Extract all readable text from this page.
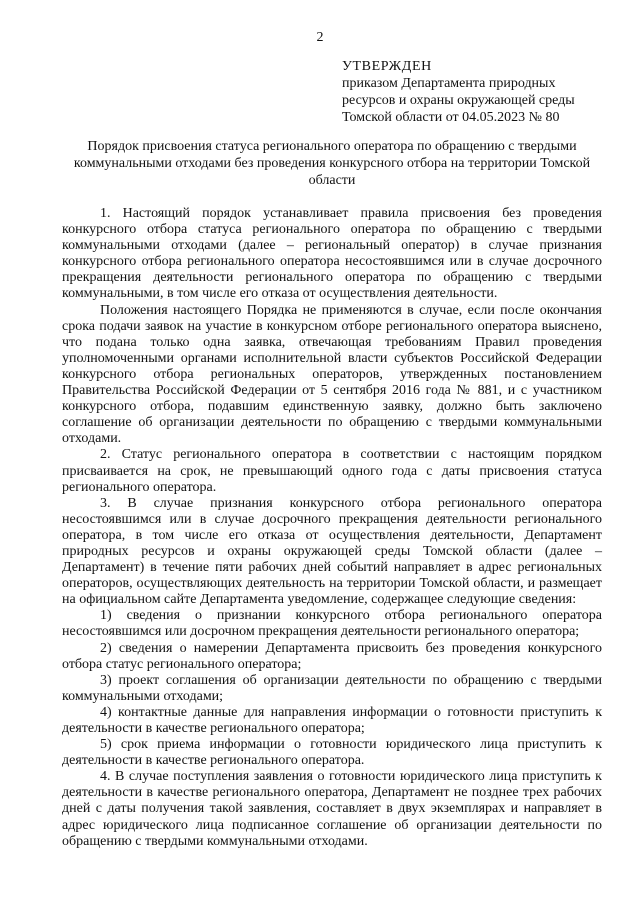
2
УТВЕРЖДЕН
приказом Департамента природных
ресурсов и охраны окружающей среды
Томской области от 04.05.2023 № 80
Порядок присвоения статуса регионального оператора по обращению с твердыми коммунальными отходами без проведения конкурсного отбора на территории Томской области

1. Настоящий порядок устанавливает правила присвоения без проведения конкурсного отбора статуса регионального оператора по обращению с твердыми коммунальными отходами (далее – региональный оператор) в случае признания конкурсного отбора регионального оператора несостоявшимся или в случае досрочного прекращения деятельности регионального оператора по обращению с твердыми коммунальными, в том числе его отказа от осуществления деятельности.

Положения настоящего Порядка не применяются в случае, если после окончания срока подачи заявок на участие в конкурсном отборе регионального оператора выяснено, что подана только одна заявка, отвечающая требованиям Правил проведения уполномоченными органами исполнительной власти субъектов Российской Федерации конкурсного отбора региональных операторов, утвержденных постановлением Правительства Российской Федерации от 5 сентября 2016 года № 881, и с участником конкурсного отбора, подавшим единственную заявку, должно быть заключено соглашение об организации деятельности по обращению с твердыми коммунальными отходами.

2. Статус регионального оператора в соответствии с настоящим порядком присваивается на срок, не превышающий одного года с даты присвоения статуса регионального оператора.

3. В случае признания конкурсного отбора регионального оператора несостоявшимся или в случае досрочного прекращения деятельности регионального оператора, в том числе его отказа от осуществления деятельности, Департамент природных ресурсов и охраны окружающей среды Томской области (далее – Департамент) в течение пяти рабочих дней событий направляет в адрес региональных операторов, осуществляющих деятельность на территории Томской области, и размещает на официальном сайте Департамента уведомление, содержащее следующие сведения:

1) сведения о признании конкурсного отбора регионального оператора несостоявшимся или досрочном прекращения деятельности регионального оператора;

2) сведения о намерении Департамента присвоить без проведения конкурсного отбора статус регионального оператора;

3) проект соглашения об организации деятельности по обращению с твердыми коммунальными отходами;

4) контактные данные для направления информации о готовности приступить к деятельности в качестве регионального оператора;

5) срок приема информации о готовности юридического лица приступить к деятельности в качестве регионального оператора.

4. В случае поступления заявления о готовности юридического лица приступить к деятельности в качестве регионального оператора, Департамент не позднее трех рабочих дней с даты получения такой заявления, составляет в двух экземплярах и направляет в адрес юридического лица подписанное соглашение об организации деятельности по обращению с твердыми коммунальными отходами.
